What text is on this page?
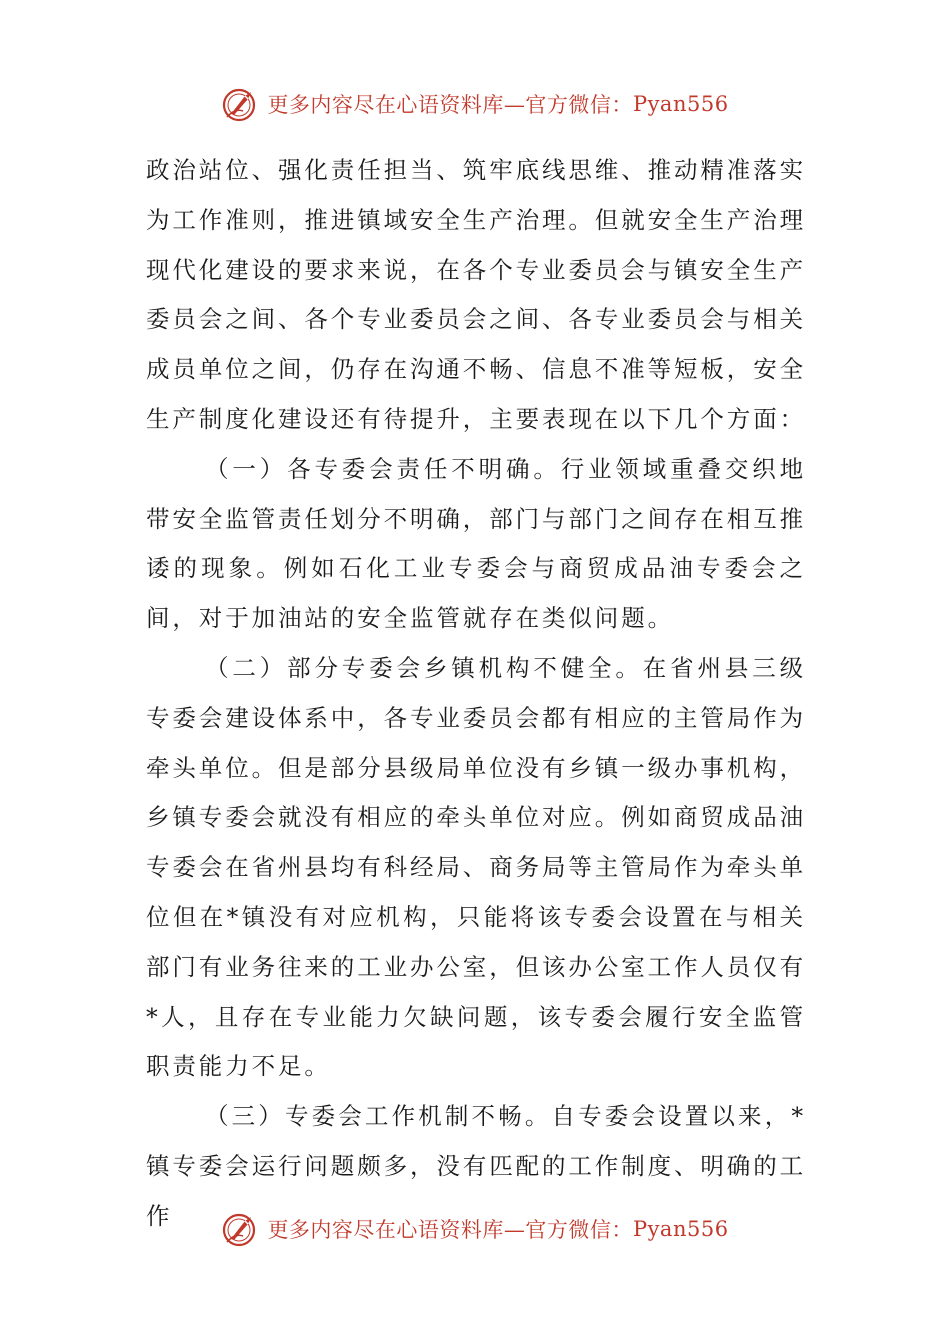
更多内容尽在心语资料库—官方微信： Pyan556

政治站位、强化责任担当、筑牢底线思维、推动精准落实为工作准则，推进镇域安全生产治理。但就安全生产治理现代化建设的要求来说，在各个专业委员会与镇安全生产委员会之间、各个专业委员会之间、各专业委员会与相关成员单位之间，仍存在沟通不畅、信息不准等短板，安全生产制度化建设还有待提升，主要表现在以下几个方面：

（一）各专委会责任不明确。行业领域重叠交织地带安全监管责任划分不明确，部门与部门之间存在相互推诿的现象。例如石化工业专委会与商贸成品油专委会之间，对于加油站的安全监管就存在类似问题。

（二）部分专委会乡镇机构不健全。在省州县三级专委会建设体系中，各专业委员会都有相应的主管局作为牵头单位。但是部分县级局单位没有乡镇一级办事机构，乡镇专委会就没有相应的牵头单位对应。例如商贸成品油专委会在省州县均有科经局、商务局等主管局作为牵头单位但在*镇没有对应机构，只能将该专委会设置在与相关部门有业务往来的工业办公室，但该办公室工作人员仅有*人，且存在专业能力欠缺问题，该专委会履行安全监管职责能力不足。

（三）专委会工作机制不畅。自专委会设置以来，*镇专委会运行问题颇多，没有匹配的工作制度、明确的工作

更多内容尽在心语资料库—官方微信： Pyan556
